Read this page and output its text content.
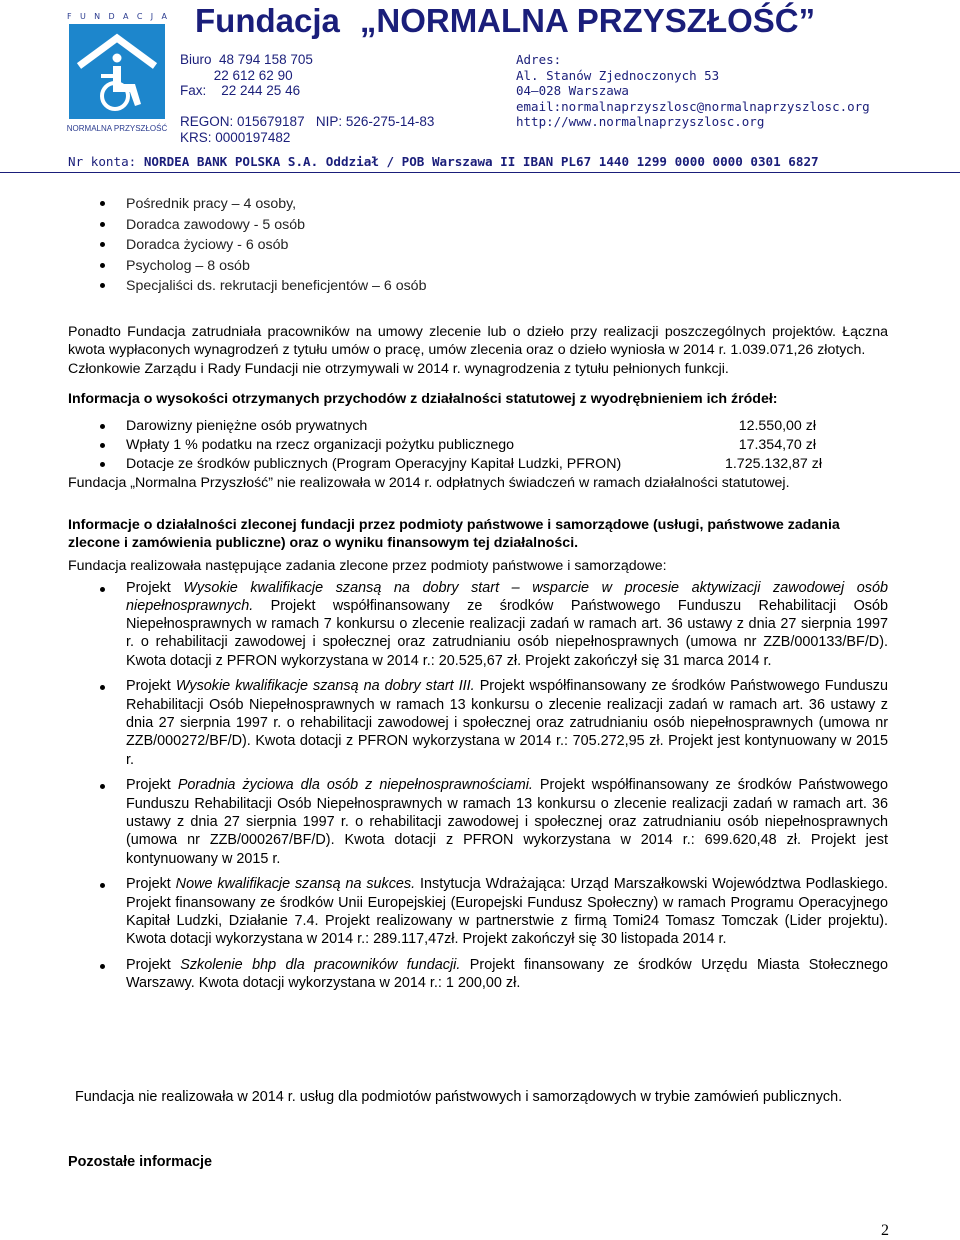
F U N D A C J A
NORMALNA PRZYSZŁOŚĆ
Fundacja „NORMALNA PRZYSZŁOŚĆ”
Biuro  48 794 158 705
22 612 62 90
Fax:    22 244 25 46
REGON: 015679187   NIP: 526-275-14-83
KRS: 0000197482
Adres:
Al. Stanów Zjednoczonych 53
04–028 Warszawa
email:normalnaprzyszlosc@normalnaprzyszlosc.org
http://www.normalnaprzyszlosc.org
Nr konta: NORDEA BANK POLSKA S.A. Oddział / POB Warszawa II IBAN PL67 1440 1299 0000 0000 0301 6827
Pośrednik pracy – 4 osoby,
Doradca zawodowy - 5 osób
Doradca życiowy - 6 osób
Psycholog – 8 osób
Specjaliści ds. rekrutacji beneficjentów – 6 osób

Ponadto Fundacja zatrudniała pracowników na umowy zlecenie lub o dzieło przy realizacji poszczególnych projektów. Łączna kwota wypłaconych wynagrodzeń z tytułu umów o pracę, umów zlecenia oraz o dzieło wyniosła w 2014 r. 1.039.071,26 złotych.

Członkowie Zarządu i Rady Fundacji nie otrzymywali w 2014 r. wynagrodzenia z tytułu pełnionych funkcji.

Informacja o wysokości otrzymanych przychodów z działalności statutowej z wyodrębnieniem ich źródeł:

Darowizny pieniężne osób prywatnych	12.550,00 zł
Wpłaty 1 % podatku na rzecz organizacji pożytku publicznego	17.354,70 zł
Dotacje ze środków publicznych (Program Operacyjny Kapitał Ludzki, PFRON)	1.725.132,87 zł

Fundacja „Normalna Przyszłość” nie realizowała w 2014 r. odpłatnych świadczeń w ramach działalności statutowej.

Informacje o działalności zleconej fundacji przez podmioty państwowe i samorządowe (usługi, państwowe zadania zlecone i zamówienia publiczne) oraz o wyniku finansowym tej działalności.

Fundacja realizowała następujące zadania zlecone przez podmioty państwowe i samorządowe:

Projekt Wysokie kwalifikacje szansą na dobry start – wsparcie w procesie aktywizacji zawodowej osób niepełnosprawnych. Projekt współfinansowany ze środków Państwowego Funduszu Rehabilitacji Osób Niepełnosprawnych w ramach 7 konkursu o zlecenie realizacji zadań w ramach art. 36 ustawy z dnia 27 sierpnia 1997 r. o rehabilitacji zawodowej i społecznej oraz zatrudnianiu osób niepełnosprawnych (umowa nr ZZB/000133/BF/D). Kwota dotacji z PFRON wykorzystana w 2014 r.: 20.525,67 zł. Projekt zakończył się 31 marca 2014 r.
Projekt Wysokie kwalifikacje szansą na dobry start III. Projekt współfinansowany ze środków Państwowego Funduszu Rehabilitacji Osób Niepełnosprawnych w ramach 13 konkursu o zlecenie realizacji zadań w ramach art. 36 ustawy z dnia 27 sierpnia 1997 r. o rehabilitacji zawodowej i społecznej oraz zatrudnianiu osób niepełnosprawnych (umowa nr ZZB/000272/BF/D). Kwota dotacji z PFRON wykorzystana w 2014 r.: 705.272,95 zł. Projekt jest kontynuowany w 2015 r.
Projekt Poradnia życiowa dla osób z niepełnosprawnościami. Projekt współfinansowany ze środków Państwowego Funduszu Rehabilitacji Osób Niepełnosprawnych w ramach 13 konkursu o zlecenie realizacji zadań w ramach art. 36 ustawy z dnia 27 sierpnia 1997 r. o rehabilitacji zawodowej i społecznej oraz zatrudnianiu osób niepełnosprawnych (umowa nr ZZB/000267/BF/D). Kwota dotacji z PFRON wykorzystana w 2014 r.: 699.620,48 zł. Projekt jest kontynuowany w 2015 r.
Projekt Nowe kwalifikacje szansą na sukces. Instytucja Wdrażająca: Urząd Marszałkowski Województwa Podlaskiego. Projekt finansowany ze środków Unii Europejskiej (Europejski Fundusz Społeczny) w ramach Programu Operacyjnego Kapitał Ludzki, Działanie 7.4. Projekt realizowany w partnerstwie z firmą Tomi24 Tomasz Tomczak (Lider projektu). Kwota dotacji wykorzystana w 2014 r.: 289.117,47zł. Projekt zakończył się 30 listopada 2014 r.
Projekt Szkolenie bhp dla pracowników fundacji. Projekt finansowany ze środków Urzędu Miasta Stołecznego Warszawy. Kwota dotacji wykorzystana w 2014 r.: 1 200,00 zł.

Fundacja nie realizowała w 2014 r. usług dla podmiotów państwowych i samorządowych w trybie zamówień publicznych.

Pozostałe informacje
2
